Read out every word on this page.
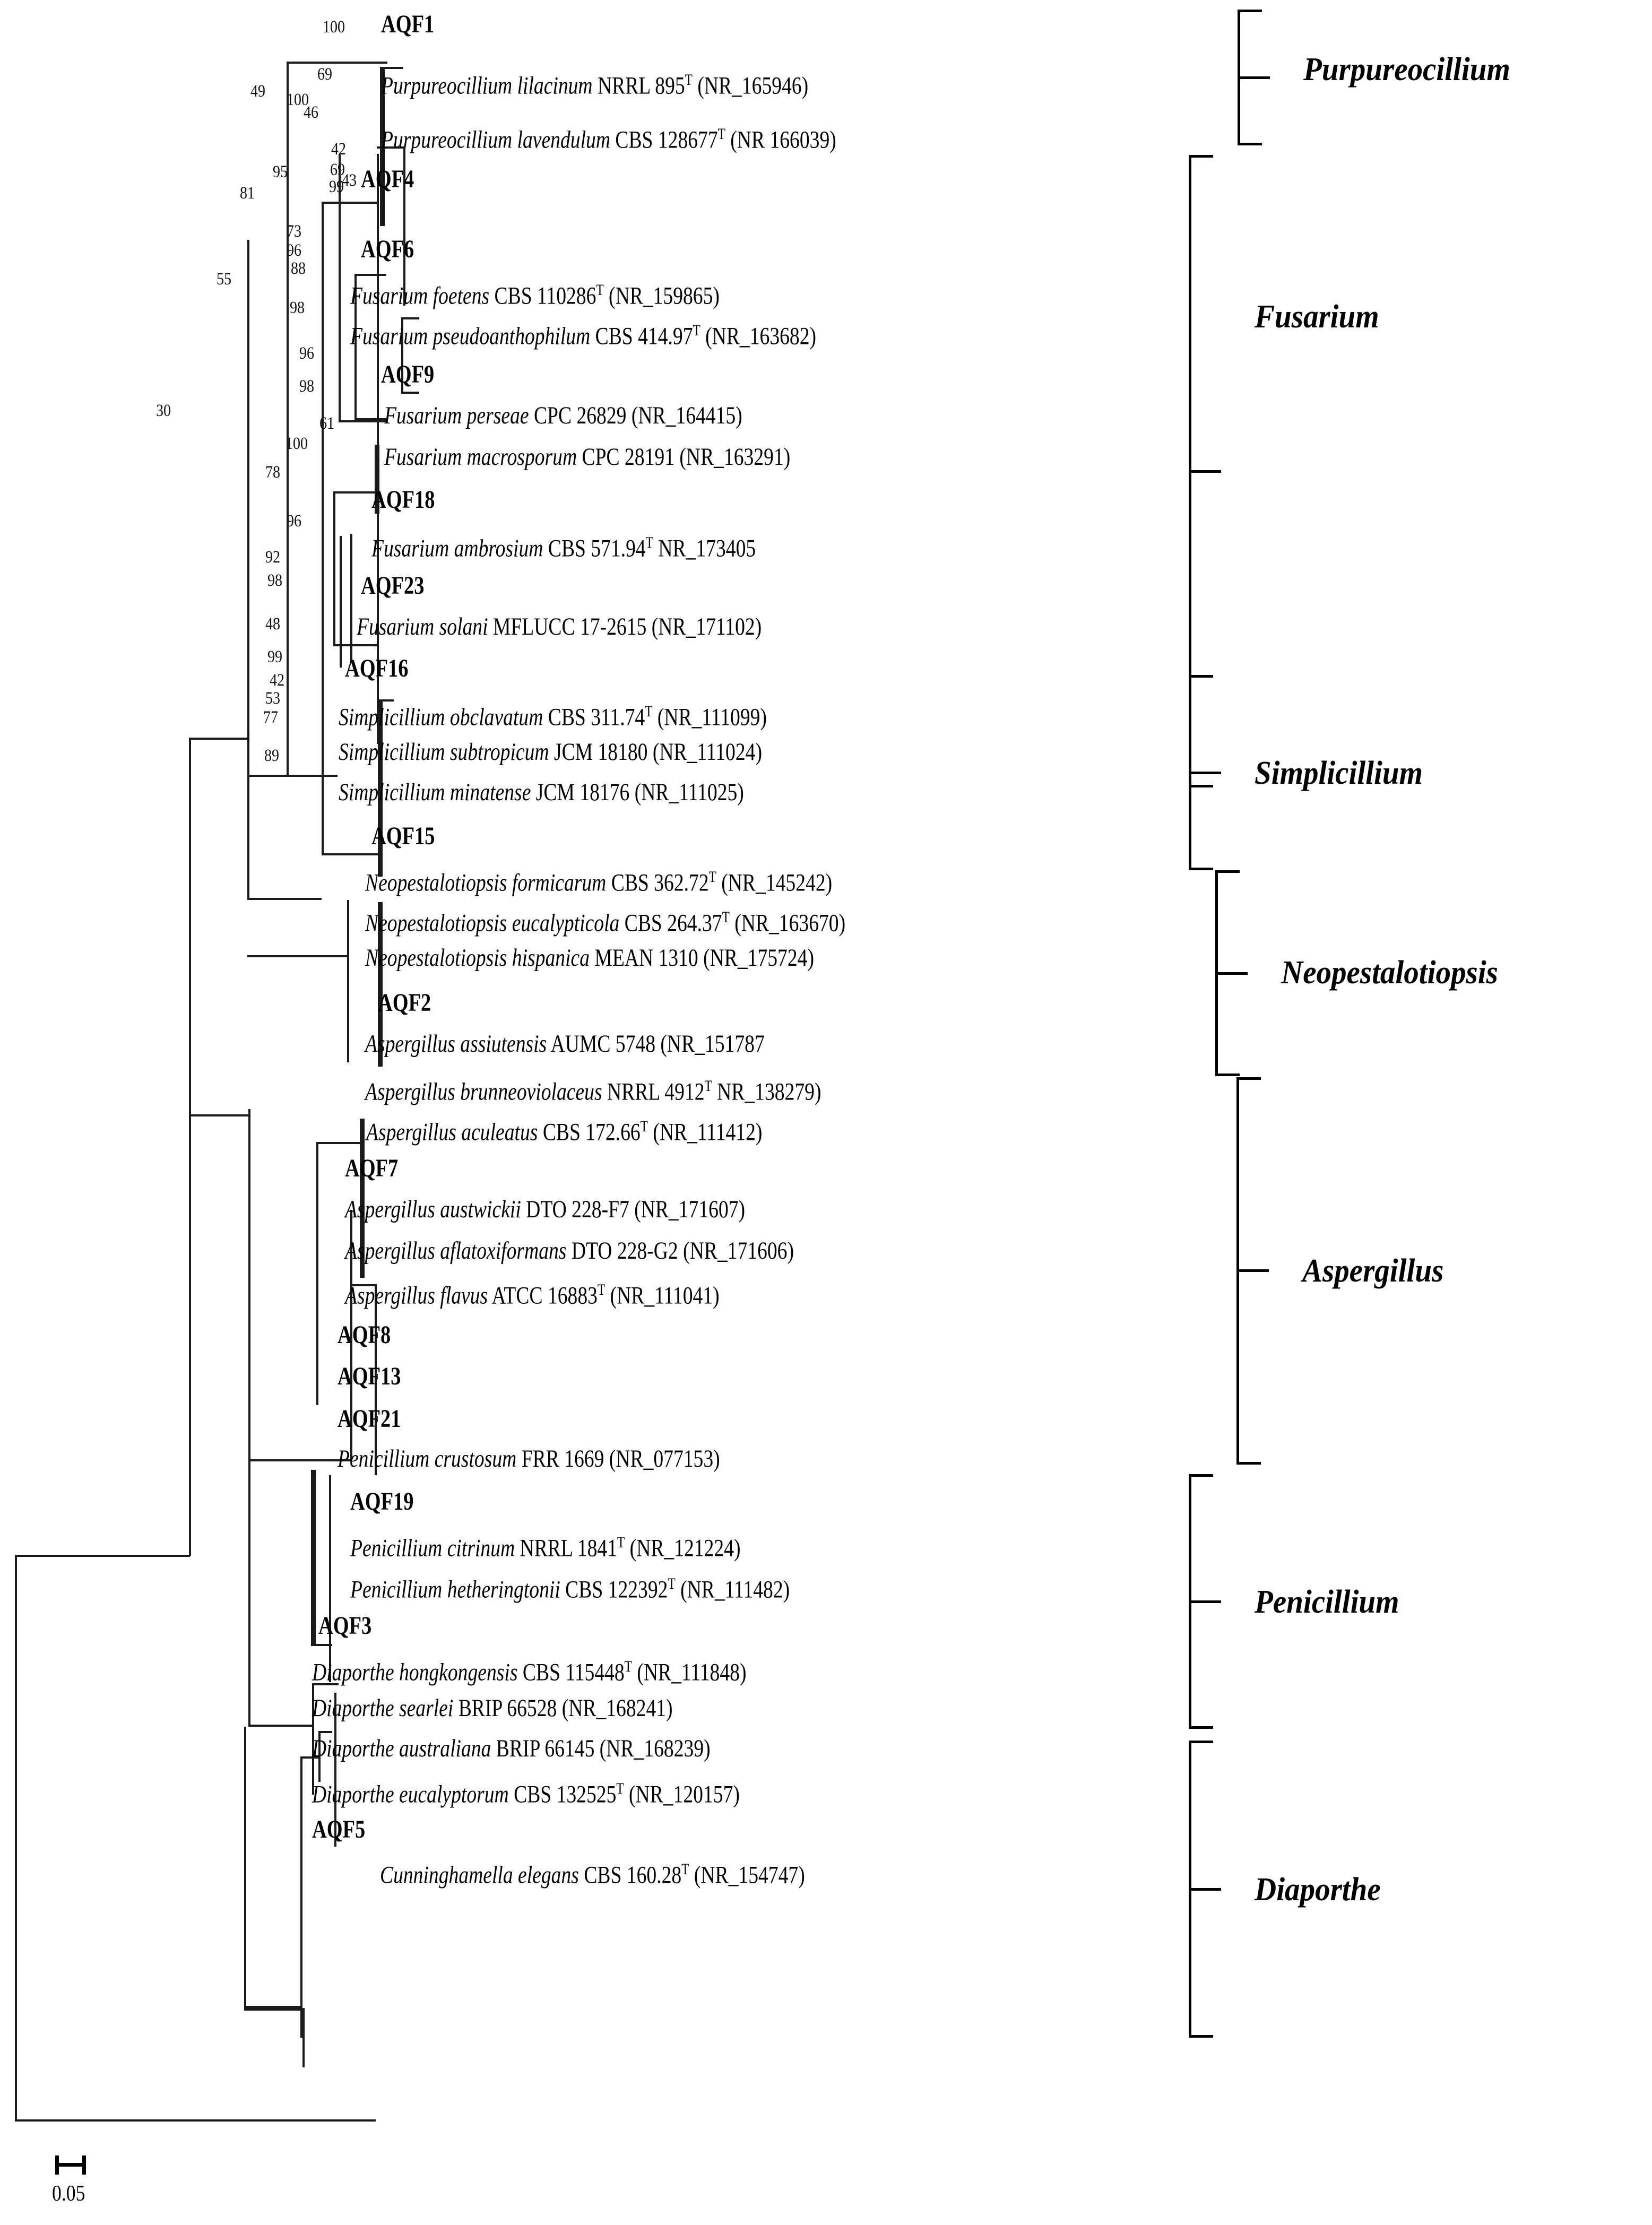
100
69
49 100
46
42
95 69
43
99
81
73
96
88
55
98
96
98
30
61
100
78
96
92
98
48
99
42
53
77
89
AQF1
Purpureocillium lilacinum NRRL $895^T$ (NR_165946)
Purpureocillium lavendulum CBS $128677^T$ (NR 166039)
AQF4
AQF6
Fusarium foetens CBS $110286^T$ (NR_159865)
Fusarium pseudoanthophilum CBS $414.97^T$ (NR_163682)
AQF9
Fusarium perseae CPC 26829 (NR_164415)
Fusarium macrosporum CPC 28191 (NR_163291)
AQF18
Fusarium ambrosium CBS $571.94^T$ NR_173405
AQF23
Fusarium solani MFLUCC 17-2615 (NR_171102)
AQF16
Simplicillium obclavatum CBS $311.74^T$ (NR_111099)
Simplicillium subtropicum JCM 18180 (NR_111024)
Simplicillium minatense JCM 18176 (NR_111025)
AQF15
Neopestalotiopsis formicarum CBS $362.72^T$ (NR_145242)
Neopestalotiopsis eucalypticola CBS $264.37^T$ (NR_163670)
Neopestalotiopsis hispanica MEAN 1310 (NR_175724)
AQF2
Aspergillus assiutensis AUMC 5748 (NR_151787
Aspergillus brunneoviolaceus NRRL $4912^T$ NR_138279)
Aspergillus aculeatus CBS $172.66^T$ (NR_111412)
AQF7
Aspergillus austwickii DTO 228-F7 (NR_171607)
Aspergillus aflatoxiformans DTO 228-G2 (NR_171606)
Aspergillus flavus ATCC $16883^T$ (NR_111041)
AQF8
AQF13
AQF21
Penicillium crustosum FRR 1669 (NR_077153)
AQF19
Penicillium citrinum NRRL $1841^T$ (NR_121224)
Penicillium hetheringtonii CBS $122392^T$ (NR_111482)
AQF3
Diaporthe hongkongensis CBS $115448^T$ (NR_111848)
Diaporthe searlei BRIP 66528 (NR_168241)
Diaporthe australiana BRIP 66145 (NR_168239)
Diaporthe eucalyptorum CBS $132525^T$ (NR_120157)
AQF5
Cunninghamella elegans CBS $160.28^T$ (NR_154747)
Purpureocillium
Fusarium
Simplicillium
Neopestalotiopsis
Aspergillus
Penicillium
Diaporthe
0.05
